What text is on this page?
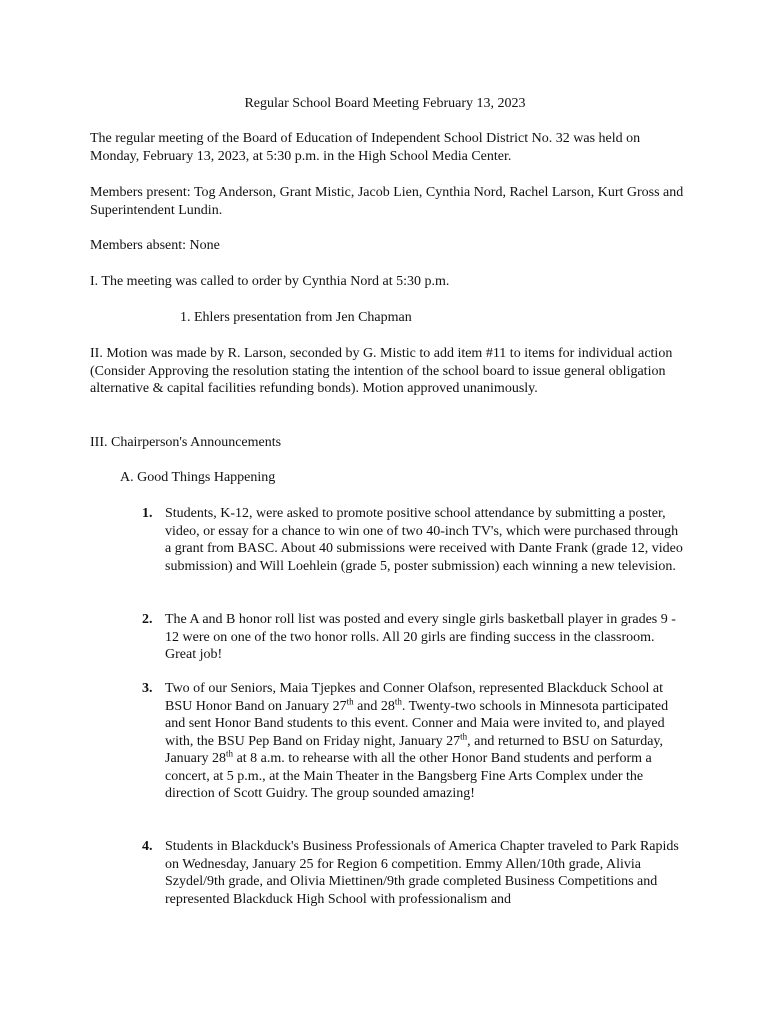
Regular School Board Meeting February 13, 2023

The regular meeting of the Board of Education of Independent School District No. 32 was held on Monday, February 13, 2023, at 5:30 p.m. in the High School Media Center.

Members present: Tog Anderson, Grant Mistic, Jacob Lien, Cynthia Nord, Rachel Larson, Kurt Gross and Superintendent Lundin.

Members absent: None

I. The meeting was called to order by Cynthia Nord at 5:30 p.m.

1. Ehlers presentation from Jen Chapman

II. Motion was made by R. Larson, seconded by G. Mistic to add item #11 to items for individual action (Consider Approving the resolution stating the intention of the school board to issue general obligation alternative & capital facilities refunding bonds). Motion approved unanimously.

III. Chairperson's Announcements

A. Good Things Happening

1. Students, K-12, were asked to promote positive school attendance by submitting a poster, video, or essay for a chance to win one of two 40-inch TV's, which were purchased through a grant from BASC. About 40 submissions were received with Dante Frank (grade 12, video submission) and Will Loehlein (grade 5, poster submission) each winning a new television.

2. The A and B honor roll list was posted and every single girls basketball player in grades 9 - 12 were on one of the two honor rolls. All 20 girls are finding success in the classroom. Great job!

3. Two of our Seniors, Maia Tjepkes and Conner Olafson, represented Blackduck School at BSU Honor Band on January 27th and 28th. Twenty-two schools in Minnesota participated and sent Honor Band students to this event. Conner and Maia were invited to, and played with, the BSU Pep Band on Friday night, January 27th, and returned to BSU on Saturday, January 28th at 8 a.m. to rehearse with all the other Honor Band students and perform a concert, at 5 p.m., at the Main Theater in the Bangsberg Fine Arts Complex under the direction of Scott Guidry. The group sounded amazing!

4. Students in Blackduck's Business Professionals of America Chapter traveled to Park Rapids on Wednesday, January 25 for Region 6 competition. Emmy Allen/10th grade, Alivia Szydel/9th grade, and Olivia Miettinen/9th grade completed Business Competitions and represented Blackduck High School with professionalism and
